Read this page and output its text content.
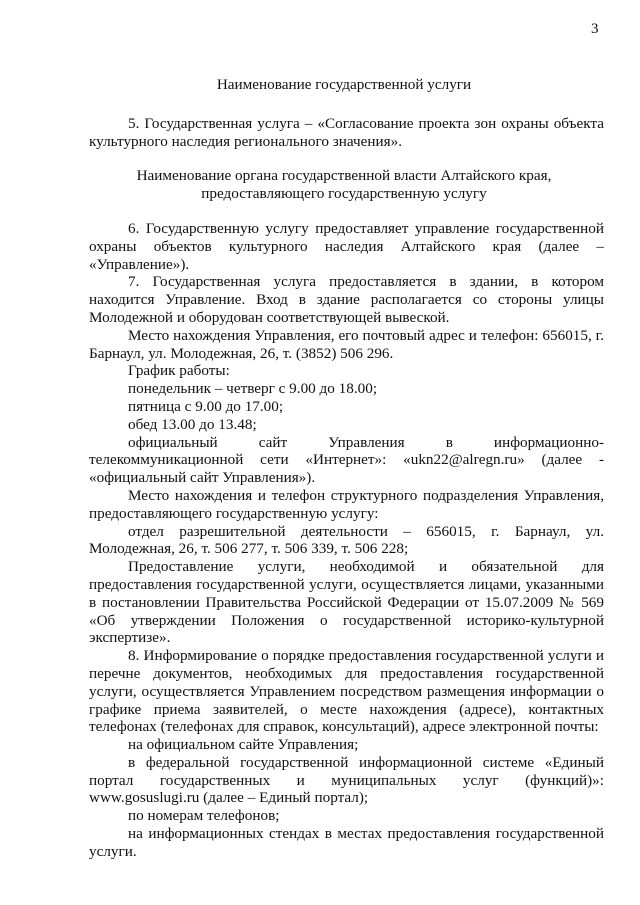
3
Наименование государственной услуги

5. Государственная услуга – «Согласование проекта зон охраны объекта культурного наследия регионального значения».

Наименование органа государственной власти Алтайского края,
предоставляющего государственную услугу

6. Государственную услугу предоставляет управление государственной охраны объектов культурного наследия Алтайского края (далее – «Управление»).

7. Государственная услуга предоставляется в здании, в котором находится Управление. Вход в здание располагается со стороны улицы Молодежной и оборудован соответствующей вывеской.

Место нахождения Управления, его почтовый адрес и телефон: 656015, г. Барнаул, ул. Молодежная, 26, т. (3852) 506 296.

График работы:

понедельник – четверг с 9.00 до 18.00;

пятница с 9.00 до 17.00;

обед 13.00 до 13.48;

официальный сайт Управления в информационно-телекоммуникационной сети «Интернет»: «ukn22@alregn.ru» (далее - «официальный сайт Управления»).

Место нахождения и телефон структурного подразделения Управления, предоставляющего государственную услугу:

отдел разрешительной деятельности – 656015, г. Барнаул, ул. Молодежная, 26, т. 506 277, т. 506 339, т. 506 228;

Предоставление услуги, необходимой и обязательной для предоставления государственной услуги, осуществляется лицами, указанными в постановлении Правительства Российской Федерации от 15.07.2009 № 569 «Об утверждении Положения о государственной историко-культурной экспертизе».

8. Информирование о порядке предоставления государственной услуги и перечне документов, необходимых для предоставления государственной услуги, осуществляется Управлением посредством размещения информации о графике приема заявителей, о месте нахождения (адресе), контактных телефонах (телефонах для справок, консультаций), адресе электронной почты:

на официальном сайте Управления;

в федеральной государственной информационной системе «Единый портал государственных и муниципальных услуг (функций)»: www.gosuslugi.ru (далее – Единый портал);

по номерам телефонов;

на информационных стендах в местах предоставления государственной услуги.
